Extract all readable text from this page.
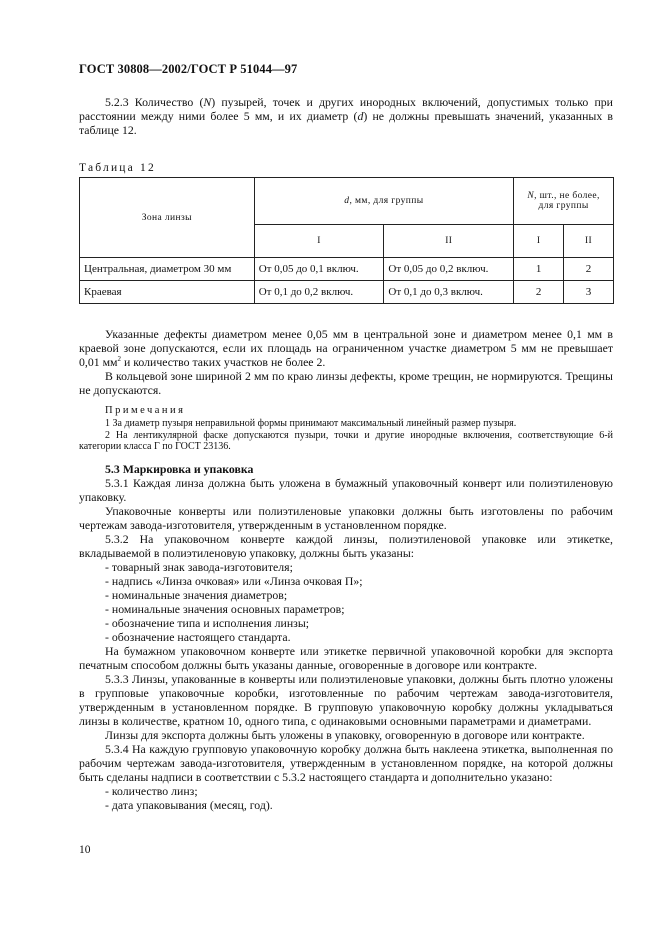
ГОСТ 30808—2002/ГОСТ Р 51044—97

5.2.3 Количество (N) пузырей, точек и других инородных включений, допустимых только при расстоянии между ними более 5 мм, и их диаметр (d) не должны превышать значений, указанных в таблице 12.

Таблица 12
Зона линзы	d, мм, для группы		N, шт., не более,
для группы	
	I	II	I	II
Центральная, диаметром 30 мм	От 0,05 до 0,1 включ.	От 0,05 до 0,2 включ.	1	2
Краевая	От 0,1 до 0,2 включ.	От 0,1 до 0,3 включ.	2	3

Указанные дефекты диаметром менее 0,05 мм в центральной зоне и диаметром менее 0,1 мм в краевой зоне допускаются, если их площадь на ограниченном участке диаметром 5 мм не превышает 0,01 $мм^2$ и количество таких участков не более 2.

В кольцевой зоне шириной 2 мм по краю линзы дефекты, кроме трещин, не нормируются. Трещины не допускаются.

Примечания

1 За диаметр пузыря неправильной формы принимают максимальный линейный размер пузыря.

2 На лентикулярной фаске допускаются пузыри, точки и другие инородные включения, соответствующие 6-й категории класса Г по ГОСТ 23136.

5.3 Маркировка и упаковка

5.3.1 Каждая линза должна быть уложена в бумажный упаковочный конверт или полиэтиленовую упаковку.

Упаковочные конверты или полиэтиленовые упаковки должны быть изготовлены по рабочим чертежам завода-изготовителя, утвержденным в установленном порядке.

5.3.2 На упаковочном конверте каждой линзы, полиэтиленовой упаковке или этикетке, вкладываемой в полиэтиленовую упаковку, должны быть указаны:

- товарный знак завода-изготовителя;

- надпись «Линза очковая» или «Линза очковая П»;

- номинальные значения диаметров;

- номинальные значения основных параметров;

- обозначение типа и исполнения линзы;

- обозначение настоящего стандарта.

На бумажном упаковочном конверте или этикетке первичной упаковочной коробки для экспорта печатным способом должны быть указаны данные, оговоренные в договоре или контракте.

5.3.3 Линзы, упакованные в конверты или полиэтиленовые упаковки, должны быть плотно уложены в групповые упаковочные коробки, изготовленные по рабочим чертежам завода-изготовителя, утвержденным в установленном порядке. В групповую упаковочную коробку должны укладываться линзы в количестве, кратном 10, одного типа, с одинаковыми основными параметрами и диаметрами.

Линзы для экспорта должны быть уложены в упаковку, оговоренную в договоре или контракте.

5.3.4 На каждую групповую упаковочную коробку должна быть наклеена этикетка, выполненная по рабочим чертежам завода-изготовителя, утвержденным в установленном порядке, на которой должны быть сделаны надписи в соответствии с 5.3.2 настоящего стандарта и дополнительно указано:

- количество линз;

- дата упаковывания (месяц, год).

10
